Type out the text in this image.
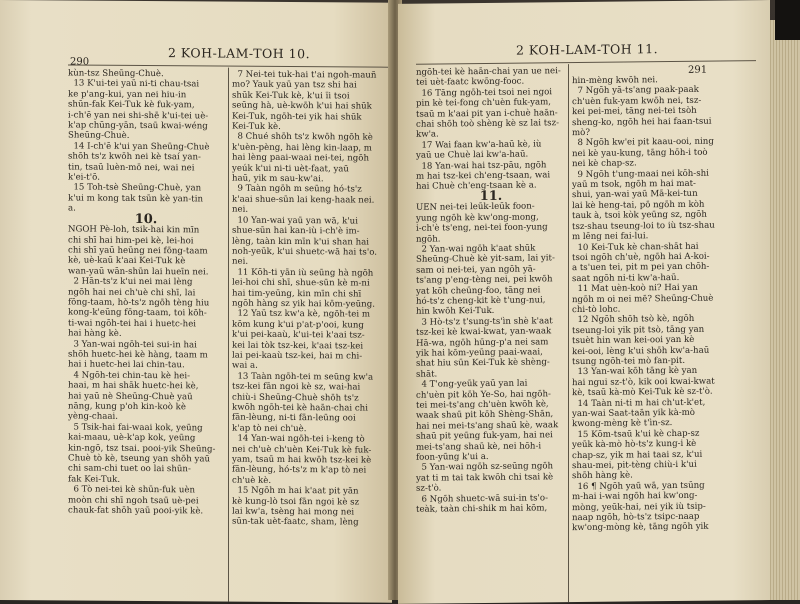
290
2 KOH-LAM-TOH 10.

kùn-tsz Sheūng-Chuè.

13 K'ui-tei yaū ni-ti chau-tsai

ke p'ang-kui, yan nei hiu-in

shūn-fak Kei-Tuk kè fuk-yam,

i-ch'ē yan nei shi-shē k'ui-tei uè-

k'ap chūng-yān, tsaū kwai-wéng

Sheūng-Chuè.

14 I-ch'ē k'ui yan Sheūng-Chuè

shōh ts'z kwōh nei kè tsaí yan-

tin, tsaū luèn-mō nei, wai nei

k'ei-t'ō.

15 Toh-tsè Sheūng-Chuè, yan

k'ui m kong tak tsūn kè yan-tin

a.

10.

NGOH Pè-loh, tsik-hai kin mīn

chi shī hai him-pei kè, lei-hoi

chi shī yaū heūng nei fōng-taam

kè, uè-kaū k'aai Kei-Tuk kè

wan-yaū wān-shūn lai hueīn nei.

2 Hān-ts'z k'ui nei mai lèng

ngōh hai nei ch'uè chi shī, lai

fōng-taam, hò-ts'z ngōh tèng hiu

kong-k'eūng fōng-taam, toi kōh-

ti-wai ngōh-tei hai i huetc-hei

hai hàng kè.

3 Yan-wai ngōh-tei sui-in hai

shōh huetc-hei kè hàng, taam m

hai i huetc-hei lai chin-tau.

4 Ngōh-tei chin-tau kè hei-

haai, m hai shāk huetc-hei kè,

hai yaū nè Sheūng-Chuè yaū

nāng, kung p'oh kin-koò kè

yèng-chaai.

5 Tsik-hai fai-waai kok, yeūng

kai-maau, uè-k'ap kok, yeūng

kin-ngō, tsz tsai. pooi-yik Sheūng-

Chuè tò kè, tseung yan shōh yaū

chi sam-chi tuet oo lai shūn-

fak Kei-Tuk.

6 Tò nei-tei kè shūn-fuk uèn

moòn chi shī ngoh tsaū uè-pei

chauk-fat shōh yaū pooi-yik kè.

7 Nei-tei tuk-hai t'ai ngoh-mauñ

mo? Yauk yaū yan tsz shi hai

shūk Kei-Tuk kè, k'ui ïi tsoi

seūng hà, uè-kwōh k'ui hai shūk

Kei-Tuk, ngōh-tei yik hai shūk

Kei-Tuk kè.

8 Chué shōh ts'z kwōh ngōh kè

k'uèn-pèng, hai lèng kin-laap, m

hai lèng paai-waai nei-tei, ngōh

yeúk k'ui ni-ti uèt-faat, yaū

haū, yik m sau-kw'ai.

9 Taàn ngōh m seūng hó-ts'z

k'aai shue-sūn lai keng-haak nei.

nei.

10 Yan-wai yaū yan wā, k'ui

shue-sūn hai kan-iù i-ch'è im-

lèng, taàn kin mīn k'ui shan hai

noh-yeūk, k'ui shuetc-wā hai ts'o.

nei.

11 Kōh-ti yān iù seūng hà ngōh

lei-hoi chi shī, shue-sūn kè m-ni

hai tim-yeūng, kin mīn chi shī

ngōh hàng sz yik hai kōm-yeūng.

12 Yaū tsz kw'a kè, ngōh-tei m

kōm kung k'ui p'at-p'ooi, kung

k'ui pei-kaaù, k'ui-tei k'aai tsz-

kei lai tòk tsz-kei, k'aai tsz-kei

lai pei-kaaù tsz-kei, hai m chi-

wai a.

13 Taàn ngōh-tei m seūng kw'a

tsz-kei fān ngoi kè sz, wai-hai

chiù-i Sheūng-Chuè shōh ts'z

kwōh ngōh-tei kè haān-chai chi

fān-lèung, ni-ti fān-leūng ooi

k'ap tò nei ch'uè.

14 Yan-wai ngōh-tei i-keng tò

nei ch'uè ch'uèn Kei-Tuk kè fuk-

yam, tsaū m hai kwōh tsz-kei kè

fān-lèung, hó-ts'z m k'ap tò nei

ch'uè kè.

15 Ngōh m hai k'aat pit yān

kè kung-lò tsoi fān ngoi kè sz

lai kw'a, tsèng hai mong nei

sūn-tak uèt-faatc, sham, lèng

2 KOH-LAM-TOH 11.
291

ngōh-tei kè haān-chai yan ue nei-

tei uèt-faatc kwōng-fooc.

16 Tāng ngōh-tei tsoi nei ngoi

pin kè tei-fong ch'uèn fuk-yam,

tsaū m k'aai pit yan i-chuè haān-

chai shōh toò shèng kè sz lai tsz-

kw'a.

17 Wai faan kw'a-haū kè, iù

yaū ue Chuè lai kw'a-haū.

18 Yan-wai hai tsz-pāu, ngōh

m hai tsz-kei ch'eng-tsaan, wai

hai Chuè ch'eng-tsaan kè a.

11.

UEN nei-tei leūk-leūk foon-

yung ngōh kè kw'ong-mong,

i-ch'è ts'eng, nei-tei foon-yung

ngōh.

2 Yan-wai ngōh k'aat shūk

Sheūng-Chuè kè yit-sam, lai yit-

sam oi nei-tei, yan ngōh yā-

ts'ang p'eng-tèng nei, pei kwōh

yat kōh cheūng-foo, tāng nei

hó-ts'z cheng-kit kè t'ung-nui,

hin kwōh Kei-Tuk.

3 Hò-ts'z t'sung-ts'ìn shè k'aat

tsz-kei kè kwai-kwat, yan-waak

Hā-wa, ngōh hūng-p'a nei sam

yik hai kōm-yeūng paai-waai,

shat hiu sūn Kei-Tuk kè shèng-

shāt.

4 T'ong-yeūk yaū yan lai

ch'uèn pit kōh Ye-So, hai ngōh-

tei mei-ts'ang ch'uèn kwōh kè,

waak shaū pit kōh Shèng-Shān,

hai nei mei-ts'ang shaū kè, waak

shaū pit yeūng fuk-yam, hai nei

mei-ts'ang shaū kè, nei hōh-i

foon-yūng k'ui a.

5 Yan-wai ngōh sz-seūng ngōh

yat ti m tai tak kwōh chi tsai kè

sz-t'ò.

6 Ngōh shuetc-wā sui-in ts'o-

teàk, taàn chi-shik m hai kōm,

hin-mèng kwōh nei.

7 Ngōh yā-ts'ang paak-paak

ch'uèn fuk-yam kwōh nei, tsz-

kei pei-mei, tāng nei-tei tsòh

sheng-ko, ngōh hei hai faan-tsui

mò?

8 Ngōh kw'ei pit kaau-ooi, ning

nei kè yau-kung, tāng hōh-i toò

nei kè chap-sz.

9 Ngōh t'ung-maai nei kōh-shi

yaū m tsok, ngōh m hai mat-

shui, yan-wai yaū Mā-kei-tun

lai kè heng-tai, pō ngōh m kòh

tauk à, tsoi kòk yeūng sz, ngōh

tsz-shau tseung-loi to iù tsz-shau

m lēng nei fai-lui.

10 Kei-Tuk kè chan-shāt hai

tsoi ngōh ch'uè, ngōh hai A-koi-

a ts'uen tei, pit m pei yan chōh-

saat ngōh ni-ti kw'a-haū.

11 Mat uèn-koò ni? Hai yan

ngōh m oi nei mē? Sheūng-Chuè

chi-tò lohc.

12 Ngōh shōh tsò kè, ngōh

tseung-loi yik pit tsò, tāng yan

tsuèt hin wan kei-ooi yan kè

kei-ooi, lèng k'ui shōh kw'a-haū

tsung ngōh-tei mò fan-pit.

13 Yan-wai kōh tāng kè yan

hai ngui sz-t'ò, kik ooi kwai-kwat

kè, tsaū kà-mò Kei-Tuk kè sz-t'ò.

14 Taàn ni-ti m hai ch'ut-k'et,

yan-wai Saat-taān yik kà-mò

kwong-mèng kè t'ìn-sz.

15 Kōm-tsaū k'ui kè chap-sz

yeūk kà-mò hò-ts'z kung-i kè

chap-sz, yik m hai taai sz, k'ui

shau-mei, pit-tèng chiù-i k'ui

shōh hàng kè.

16 ¶ Ngōh yaū wā, yan tsūng

m-hai i-wai ngōh hai kw'ong-

mòng, yeūk-hai, nei yik iù tsip-

naap ngōh, hò-ts'z tsipc-naap

kw'ong-mòng kè, tāng ngōh yik
